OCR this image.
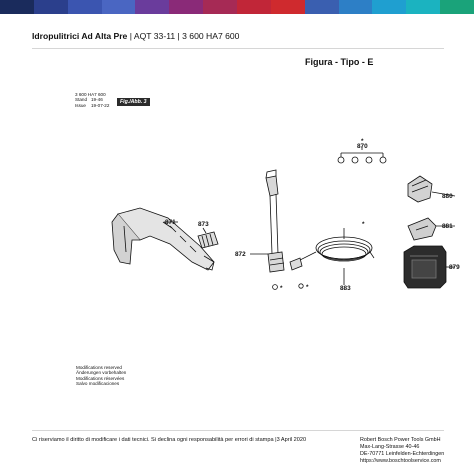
Idropulitrici Ad Alta Pre | AQT 33-11 | 3 600 HA7 600
Figura - Tipo - E
3 600 HA7 600
Stand 19-46
Issue	19-07-22
Fig./Abb. 3
871	873
872
870
880
881
879
883
*
*
*	*
Modifications reserved
Änderungen vorbehalten
Modifications réservées
Salvo modificaciones
Ci riserviamo il diritto di modificare i dati tecnici. Si declina ogni responsabilità per errori di stampa |3 April 2020	Robert Bosch Power Tools GmbH
Max-Lang-Strasse 40-46
DE-70771 Leinfelden-Echterdingen
https://www.boschtoolservice.com
